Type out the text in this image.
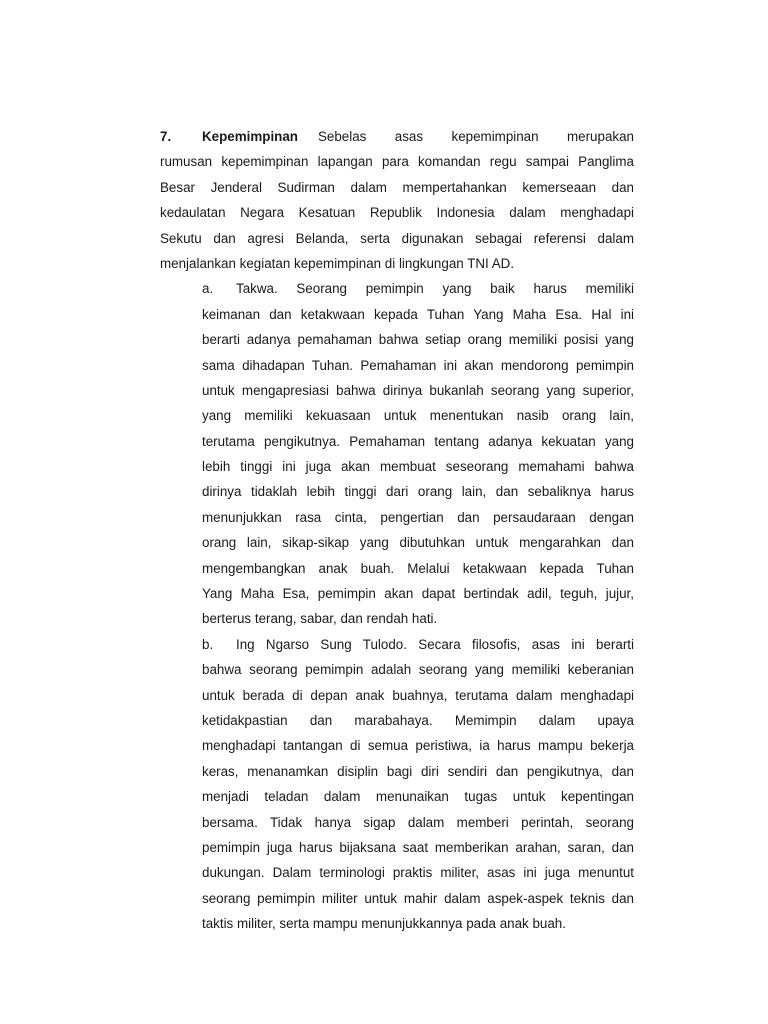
7.	Kepemimpinan Sebelas asas kepemimpinan merupakan
rumusan kepemimpinan lapangan para komandan regu sampai Panglima
Besar Jenderal Sudirman dalam mempertahankan kemerseaan dan
kedaulatan Negara Kesatuan Republik Indonesia dalam menghadapi
Sekutu dan agresi Belanda, serta digunakan sebagai referensi dalam
menjalankan kegiatan kepemimpinan di lingkungan TNI AD.
a.	Takwa. Seorang pemimpin yang baik harus memiliki
keimanan dan ketakwaan kepada Tuhan Yang Maha Esa. Hal ini
berarti adanya pemahaman bahwa setiap orang memiliki posisi yang
sama dihadapan Tuhan. Pemahaman ini akan mendorong pemimpin
untuk mengapresiasi bahwa dirinya bukanlah seorang yang superior,
yang memiliki kekuasaan untuk menentukan nasib orang lain,
terutama pengikutnya. Pemahaman tentang adanya kekuatan yang
lebih tinggi ini juga akan membuat seseorang memahami bahwa
dirinya tidaklah lebih tinggi dari orang lain, dan sebaliknya harus
menunjukkan rasa cinta, pengertian dan persaudaraan dengan
orang lain, sikap-sikap yang dibutuhkan untuk mengarahkan dan
mengembangkan anak buah. Melalui ketakwaan kepada Tuhan
Yang Maha Esa, pemimpin akan dapat bertindak adil, teguh, jujur,
berterus terang, sabar, dan rendah hati.
b.	Ing Ngarso Sung Tulodo. Secara filosofis, asas ini berarti
bahwa seorang pemimpin adalah seorang yang memiliki keberanian
untuk berada di depan anak buahnya, terutama dalam menghadapi
ketidakpastian dan marabahaya. Memimpin dalam upaya
menghadapi tantangan di semua peristiwa, ia harus mampu bekerja
keras, menanamkan disiplin bagi diri sendiri dan pengikutnya, dan
menjadi teladan dalam menunaikan tugas untuk kepentingan
bersama. Tidak hanya sigap dalam memberi perintah, seorang
pemimpin juga harus bijaksana saat memberikan arahan, saran, dan
dukungan. Dalam terminologi praktis militer, asas ini juga menuntut
seorang pemimpin militer untuk mahir dalam aspek-aspek teknis dan
taktis militer, serta mampu menunjukkannya pada anak buah.
